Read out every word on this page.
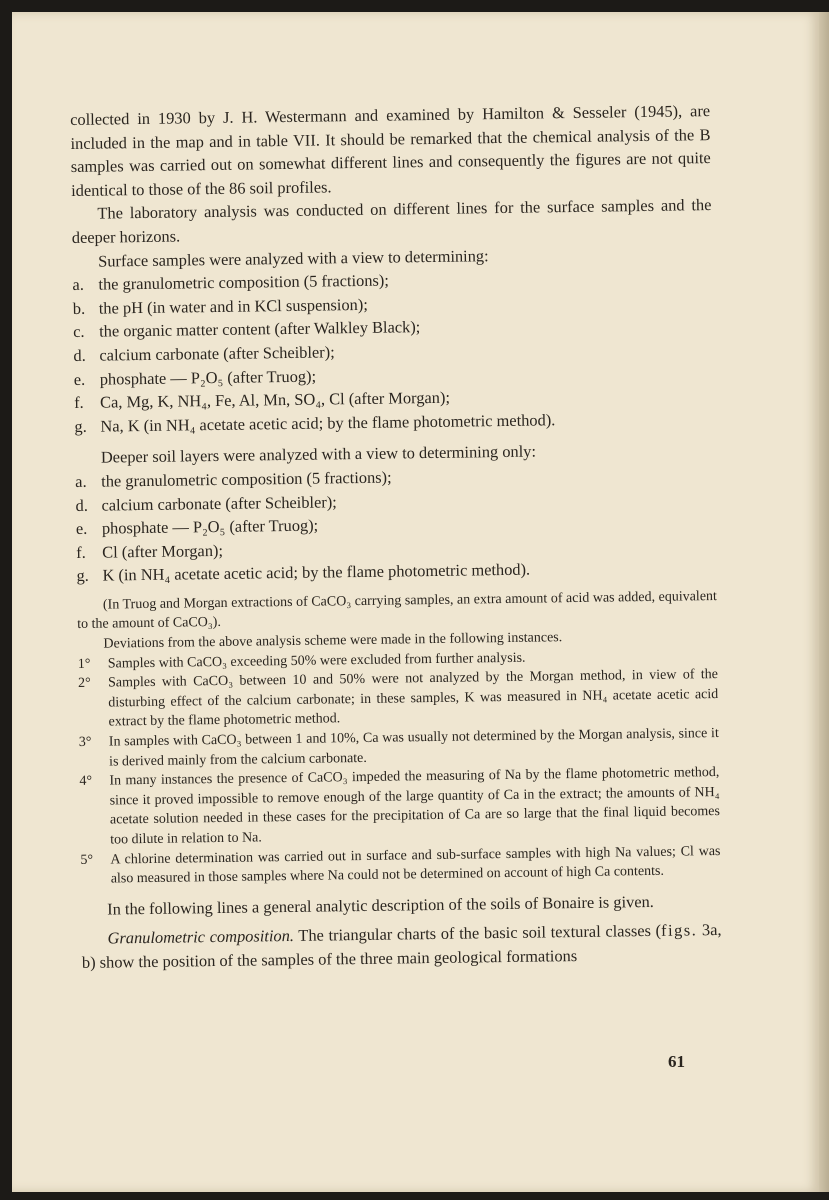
collected in 1930 by J. H. Westermann and examined by Hamilton & Sesseler (1945), are included in the map and in table VII. It should be remarked that the chemical analysis of the B samples was carried out on somewhat different lines and consequently the figures are not quite identical to those of the 86 soil profiles.

The laboratory analysis was conducted on different lines for the surface samples and the deeper horizons.

Surface samples were analyzed with a view to determining:

a. the granulometric composition (5 fractions);
b. the pH (in water and in KCl suspension);
c. the organic matter content (after Walkley Black);
d. calcium carbonate (after Scheibler);
e. phosphate — P₂O₅ (after Truog);
f. Ca, Mg, K, NH₄, Fe, Al, Mn, SO₄, Cl (after Morgan);
g. Na, K (in NH₄ acetate acetic acid; by the flame photometric method).

Deeper soil layers were analyzed with a view to determining only:

a. the granulometric composition (5 fractions);
d. calcium carbonate (after Scheibler);
e. phosphate — P₂O₅ (after Truog);
f. Cl (after Morgan);
g. K (in NH₄ acetate acetic acid; by the flame photometric method).

(In Truog and Morgan extractions of CaCO₃ carrying samples, an extra amount of acid was added, equivalent to the amount of CaCO₃).

Deviations from the above analysis scheme were made in the following instances.

1° Samples with CaCO₃ exceeding 50% were excluded from further analysis.
2° Samples with CaCO₃ between 10 and 50% were not analyzed by the Morgan method, in view of the disturbing effect of the calcium carbonate; in these samples, K was measured in NH₄ acetate acetic acid extract by the flame photometric method.
3° In samples with CaCO₃ between 1 and 10%, Ca was usually not determined by the Morgan analysis, since it is derived mainly from the calcium carbonate.
4° In many instances the presence of CaCO₃ impeded the measuring of Na by the flame photometric method, since it proved impossible to remove enough of the large quantity of Ca in the extract; the amounts of NH₄ acetate solution needed in these cases for the precipitation of Ca are so large that the final liquid becomes too dilute in relation to Na.
5° A chlorine determination was carried out in surface and sub-surface samples with high Na values; Cl was also measured in those samples where Na could not be determined on account of high Ca contents.

In the following lines a general analytic description of the soils of Bonaire is given.

Granulometric composition. The triangular charts of the basic soil textural classes (figs. 3a, b) show the position of the samples of the three main geological formations

61
